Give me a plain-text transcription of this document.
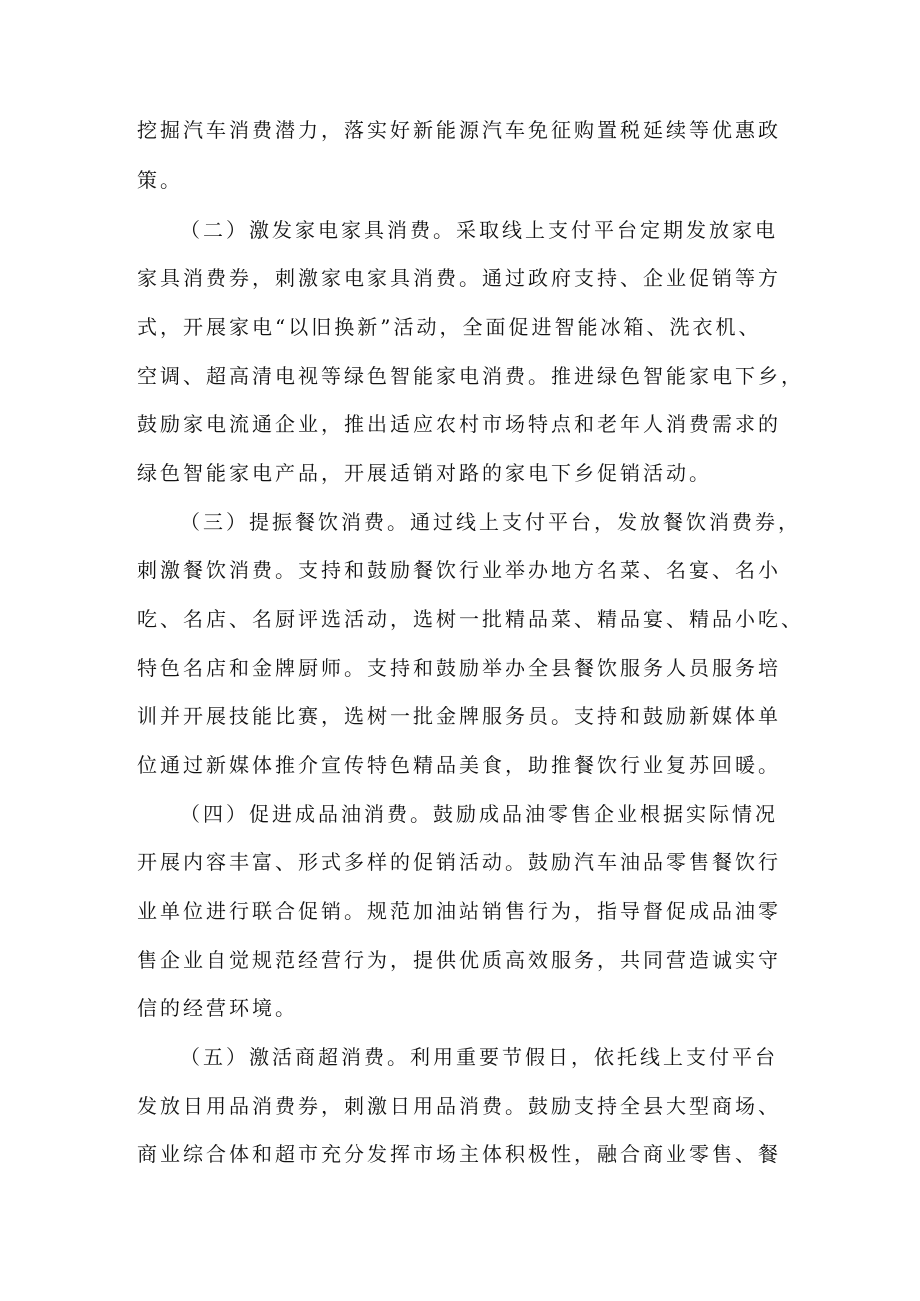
挖掘汽车消费潜力，落实好新能源汽车免征购置税延续等优惠政
策。
（二）激发家电家具消费。采取线上支付平台定期发放家电
家具消费券，刺激家电家具消费。通过政府支持、企业促销等方
式，开展家电“以旧换新”活动，全面促进智能冰箱、洗衣机、
空调、超高清电视等绿色智能家电消费。推进绿色智能家电下乡，
鼓励家电流通企业，推出适应农村市场特点和老年人消费需求的
绿色智能家电产品，开展适销对路的家电下乡促销活动。
（三）提振餐饮消费。通过线上支付平台，发放餐饮消费券，
刺激餐饮消费。支持和鼓励餐饮行业举办地方名菜、名宴、名小
吃、名店、名厨评选活动，选树一批精品菜、精品宴、精品小吃、
特色名店和金牌厨师。支持和鼓励举办全县餐饮服务人员服务培
训并开展技能比赛，选树一批金牌服务员。支持和鼓励新媒体单
位通过新媒体推介宣传特色精品美食，助推餐饮行业复苏回暖。
（四）促进成品油消费。鼓励成品油零售企业根据实际情况
开展内容丰富、形式多样的促销活动。鼓励汽车油品零售餐饮行
业单位进行联合促销。规范加油站销售行为，指导督促成品油零
售企业自觉规范经营行为，提供优质高效服务，共同营造诚实守
信的经营环境。
（五）激活商超消费。利用重要节假日，依托线上支付平台
发放日用品消费券，刺激日用品消费。鼓励支持全县大型商场、
商业综合体和超市充分发挥市场主体积极性，融合商业零售、餐
